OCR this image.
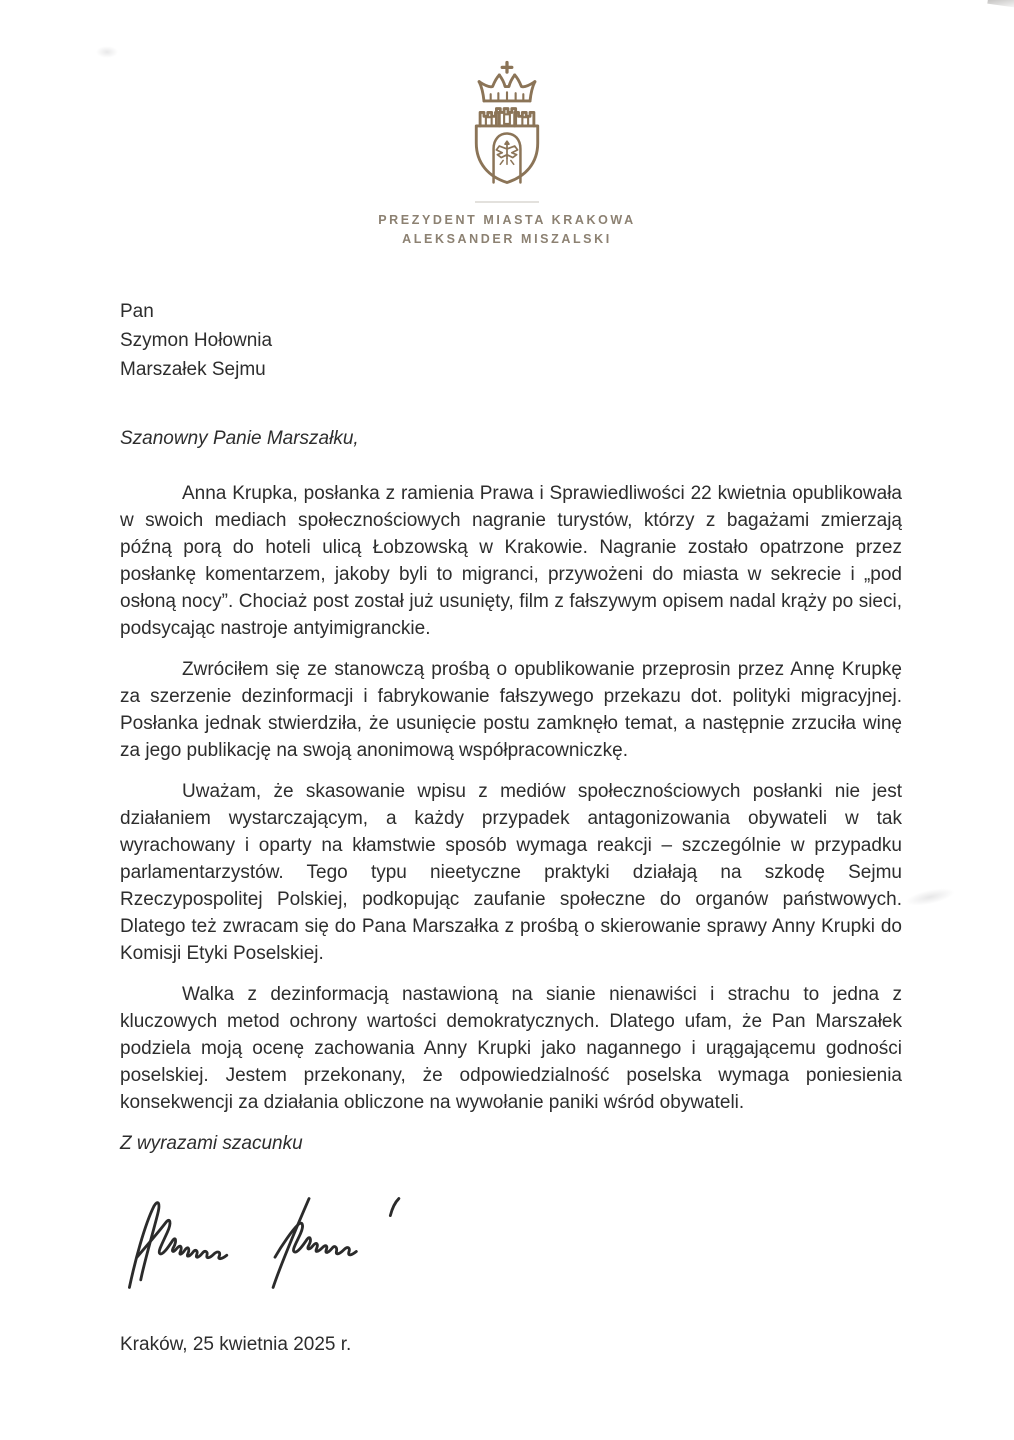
PREZYDENT MIASTA KRAKOWA
ALEKSANDER MISZALSKI
Pan
Szymon Hołownia
Marszałek Sejmu
Szanowny Panie Marszałku,

Anna Krupka, posłanka z ramienia Prawa i Sprawiedliwości 22 kwietnia opublikowała w swoich mediach społecznościowych nagranie turystów, którzy z bagażami zmierzają późną porą do hoteli ulicą Łobzowską w Krakowie. Nagranie zostało opatrzone przez posłankę komentarzem, jakoby byli to migranci, przywożeni do miasta w sekrecie i „pod osłoną nocy”. Chociaż post został już usunięty, film z fałszywym opisem nadal krąży po sieci, podsycając nastroje antyimigranckie.

Zwróciłem się ze stanowczą prośbą o opublikowanie przeprosin przez Annę Krupkę za szerzenie dezinformacji i fabrykowanie fałszywego przekazu dot. polityki migracyjnej. Posłanka jednak stwierdziła, że usunięcie postu zamknęło temat, a następnie zrzuciła winę za jego publikację na swoją anonimową współpracowniczkę.

Uważam, że skasowanie wpisu z mediów społecznościowych posłanki nie jest działaniem wystarczającym, a każdy przypadek antagonizowania obywateli w tak wyrachowany i oparty na kłamstwie sposób wymaga reakcji – szczególnie w przypadku parlamentarzystów. Tego typu nieetyczne praktyki działają na szkodę Sejmu Rzeczypospolitej Polskiej, podkopując zaufanie społeczne do organów państwowych. Dlatego też zwracam się do Pana Marszałka z prośbą o skierowanie sprawy Anny Krupki do Komisji Etyki Poselskiej.

Walka z dezinformacją nastawioną na sianie nienawiści i strachu to jedna z kluczowych metod ochrony wartości demokratycznych. Dlatego ufam, że Pan Marszałek podziela moją ocenę zachowania Anny Krupki jako nagannego i urągającemu godności poselskiej. Jestem przekonany, że odpowiedzialność poselska wymaga poniesienia konsekwencji za działania obliczone na wywołanie paniki wśród obywateli.

Z wyrazami szacunku
Kraków, 25 kwietnia 2025 r.
